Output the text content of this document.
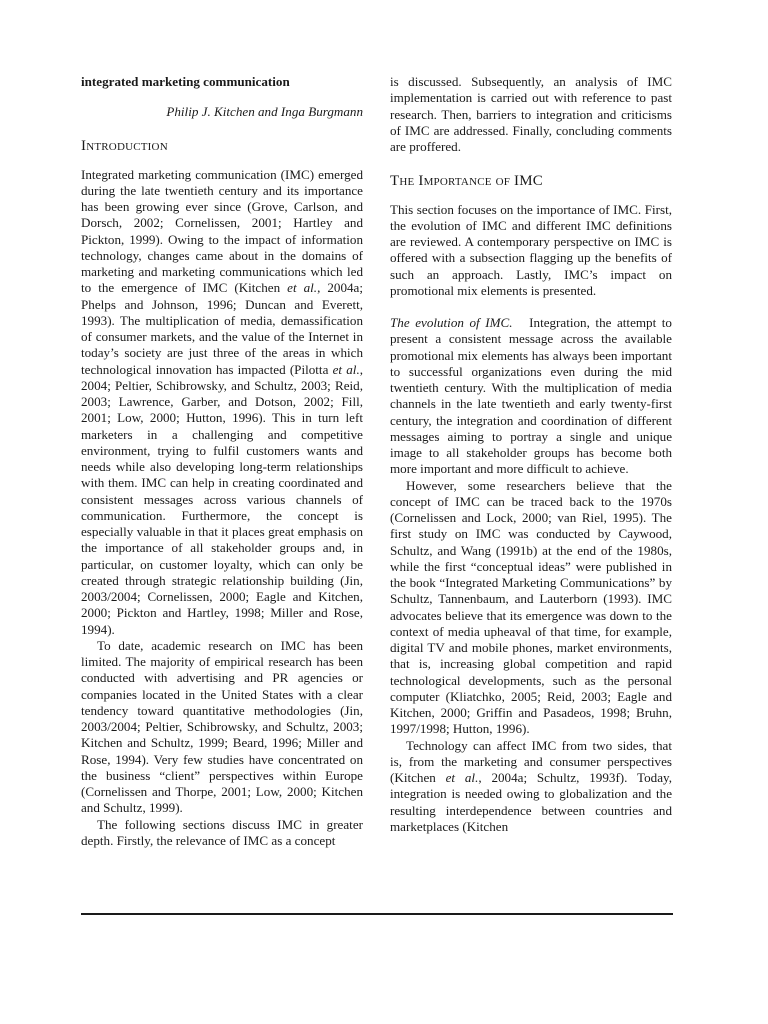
integrated marketing communication
Philip J. Kitchen and Inga Burgmann
Introduction

Integrated marketing communication (IMC) emerged during the late twentieth century and its importance has been growing ever since (Grove, Carlson, and Dorsch, 2002; Cornelissen, 2001; Hartley and Pickton, 1999). Owing to the impact of information technology, changes came about in the domains of marketing and marketing communications which led to the emergence of IMC (Kitchen et al., 2004a; Phelps and Johnson, 1996; Duncan and Everett, 1993). The multiplication of media, demassification of consumer markets, and the value of the Internet in today’s society are just three of the areas in which technological innovation has impacted (Pilotta et al., 2004; Peltier, Schibrowsky, and Schultz, 2003; Reid, 2003; Lawrence, Garber, and Dotson, 2002; Fill, 2001; Low, 2000; Hutton, 1996). This in turn left marketers in a challenging and competitive environment, trying to fulfil customers wants and needs while also developing long-term relationships with them. IMC can help in creating coordinated and consistent messages across various channels of communication. Furthermore, the concept is especially valuable in that it places great emphasis on the importance of all stakeholder groups and, in particular, on customer loyalty, which can only be created through strategic relationship building (Jin, 2003/2004; Cornelissen, 2000; Eagle and Kitchen, 2000; Pickton and Hartley, 1998; Miller and Rose, 1994).

To date, academic research on IMC has been limited. The majority of empirical research has been conducted with advertising and PR agencies or companies located in the United States with a clear tendency toward quantitative methodologies (Jin, 2003/2004; Peltier, Schibrowsky, and Schultz, 2003; Kitchen and Schultz, 1999; Beard, 1996; Miller and Rose, 1994). Very few studies have concentrated on the business “client” perspectives within Europe (Cornelissen and Thorpe, 2001; Low, 2000; Kitchen and Schultz, 1999).

The following sections discuss IMC in greater depth. Firstly, the relevance of IMC as a concept

is discussed. Subsequently, an analysis of IMC implementation is carried out with reference to past research. Then, barriers to integration and criticisms of IMC are addressed. Finally, concluding comments are proffered.

The Importance of IMC

This section focuses on the importance of IMC. First, the evolution of IMC and different IMC definitions are reviewed. A contemporary perspective on IMC is offered with a subsection flagging up the benefits of such an approach. Lastly, IMC’s impact on promotional mix elements is presented.

The evolution of IMC. Integration, the attempt to present a consistent message across the available promotional mix elements has always been important to successful organizations even during the mid twentieth century. With the multiplication of media channels in the late twentieth and early twenty-first century, the integration and coordination of different messages aiming to portray a single and unique image to all stakeholder groups has become both more important and more difficult to achieve.

However, some researchers believe that the concept of IMC can be traced back to the 1970s (Cornelissen and Lock, 2000; van Riel, 1995). The first study on IMC was conducted by Caywood, Schultz, and Wang (1991b) at the end of the 1980s, while the first “conceptual ideas” were published in the book “Integrated Marketing Communications” by Schultz, Tannenbaum, and Lauterborn (1993). IMC advocates believe that its emergence was down to the context of media upheaval of that time, for example, digital TV and mobile phones, market environments, that is, increasing global competition and rapid technological developments, such as the personal computer (Kliatchko, 2005; Reid, 2003; Eagle and Kitchen, 2000; Griffin and Pasadeos, 1998; Bruhn, 1997/1998; Hutton, 1996).

Technology can affect IMC from two sides, that is, from the marketing and consumer perspectives (Kitchen et al., 2004a; Schultz, 1993f). Today, integration is needed owing to globalization and the resulting interdependence between countries and marketplaces (Kitchen
